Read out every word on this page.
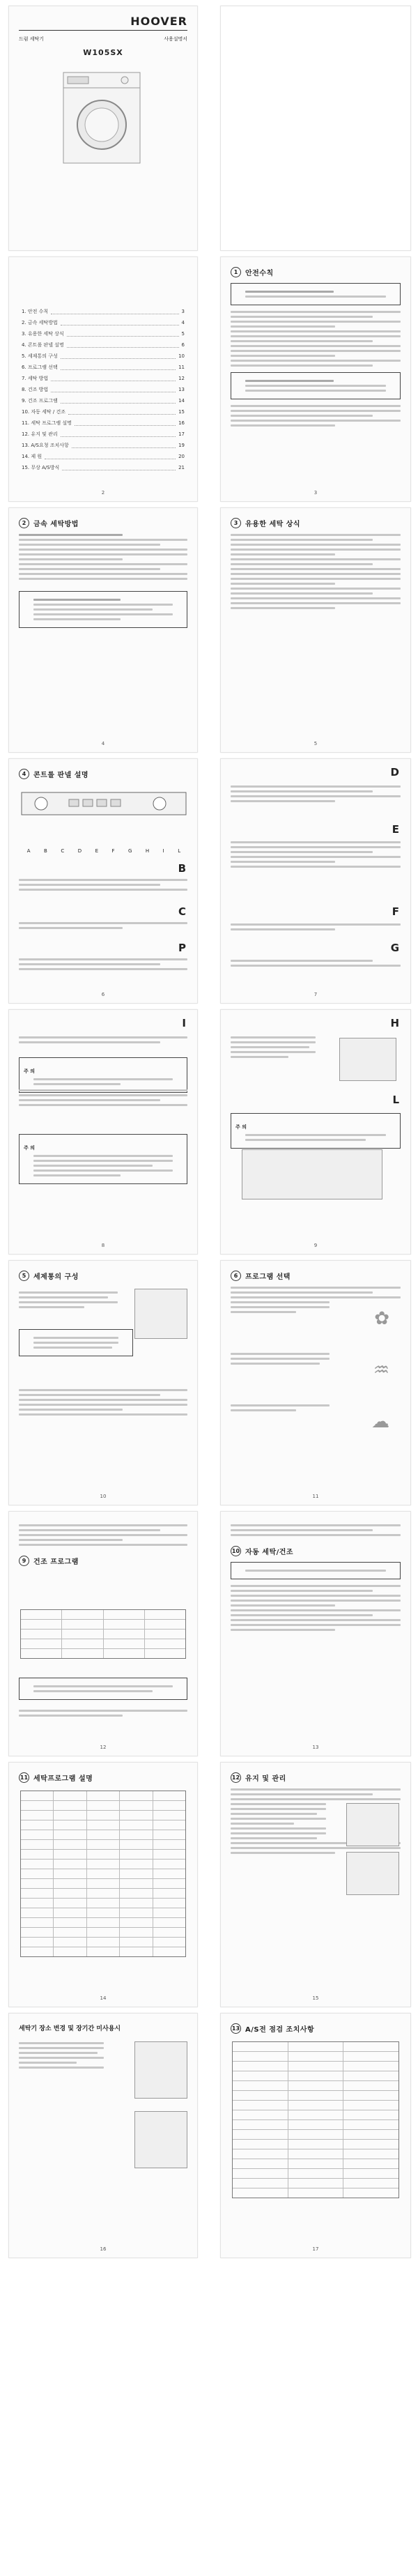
HOOVER
드럼 세탁기	사용설명서
W105SX
1. 안전 수칙	3
2. 금속 세탁방법	4
3. 유용한 세탁 상식	5
4. 콘트롤 판넬 설명	6
5. 세제통의 구성	10
6. 프로그램 선택	11
7. 세탁 방법	12
8. 건조 방법	13
9. 건조 프로그램	14
10. 자동 세탁 / 건조	15
11. 세탁 프로그램 설명	16
12. 유지 및 관리	17
13. A/S요청 조치사항	19
14. 제 원	20
15. 무상 A/S방식	21
2
1	안전수칙
3
2	금속 세탁방법
4
3	유용한 세탁 상식
5
4	콘트롤 판넬 설명
A	B	C	D	E	F	G	H	I	L
B
C
P
6
D
E
F
G
7
I
주 의
주 의
8
H
L
주 의
9
5	세제통의 구성
10
6	프로그램 선택
✿
♒
☁
11
9	건조 프로그램
12
10 자동 세탁/건조
13
11 세탁프로그램 설명
14
12 유지 및 관리
15
세탁기 장소 변경 및 장기간 미사용시
16
13 A/S전 점검 조치사항
17
